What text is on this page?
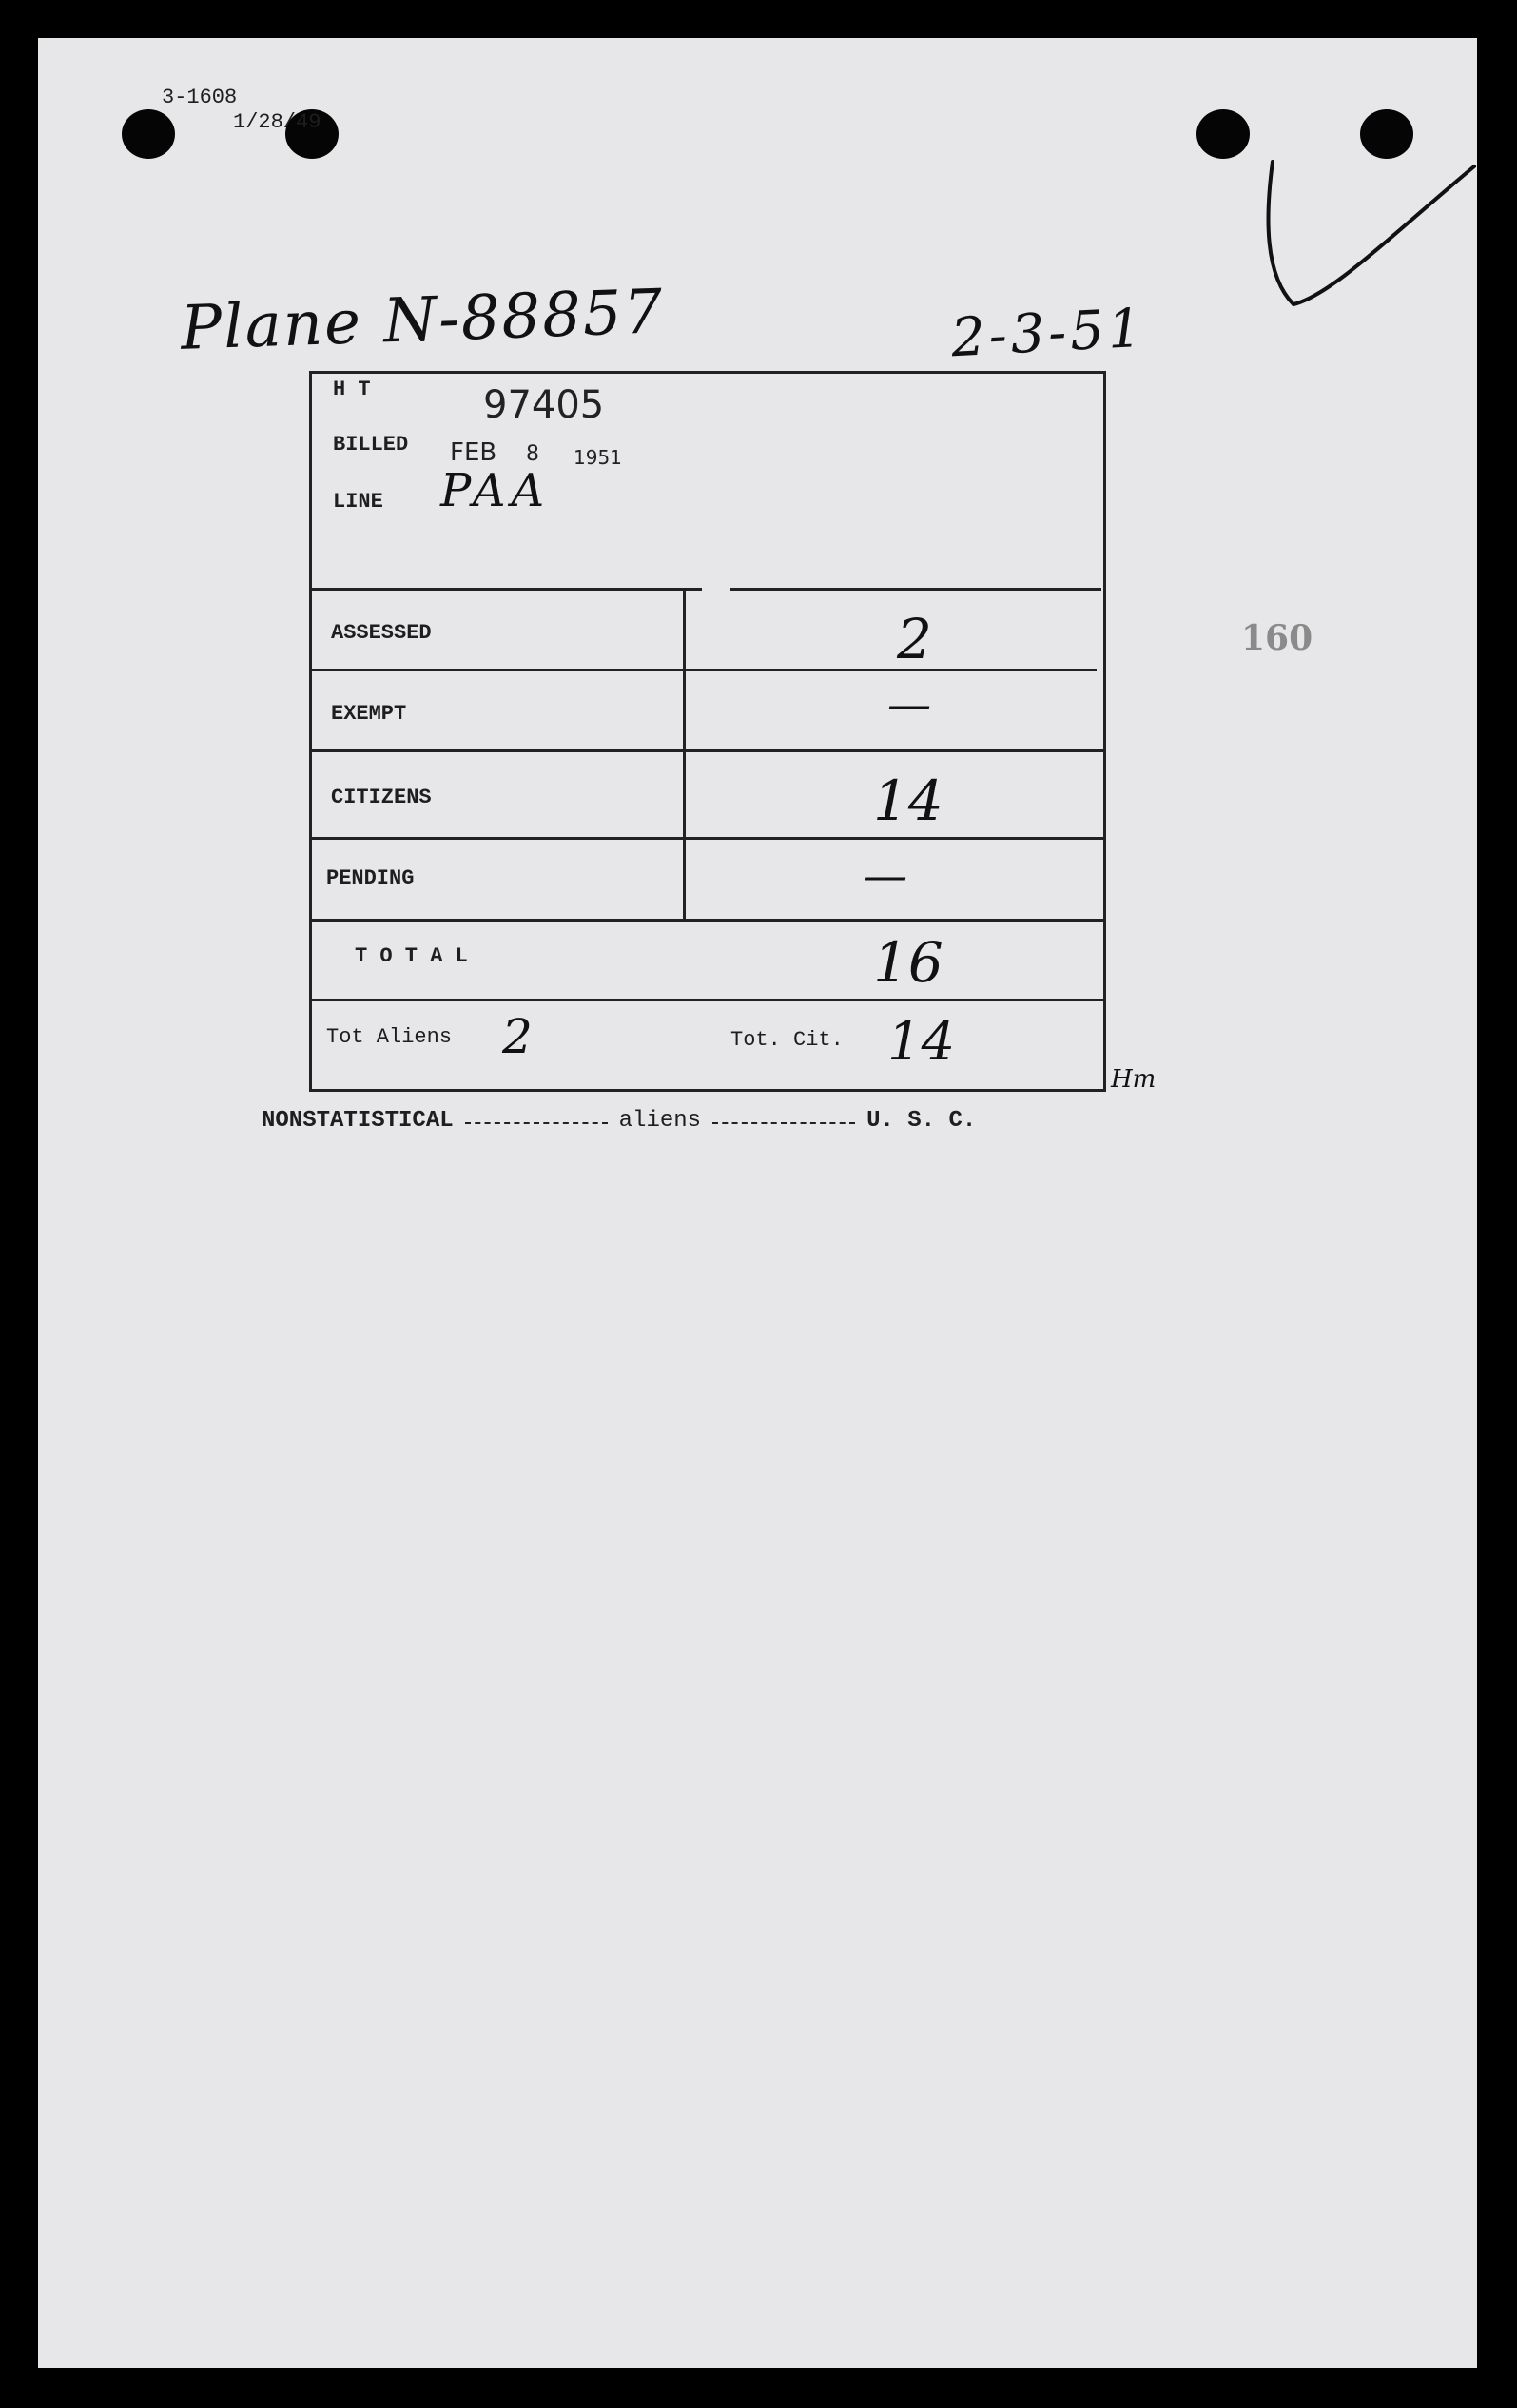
3-1608
1/28/49
Plane N-88857	2-3-51
H T	97405
BILLED FEB 8 1951
LINE PAA
ASSESSED	2
EXEMPT	—
CITIZENS	14
PENDING	—
T O T A L	16
Tot Aliens 2	Tot. Cit. 14
Hm
160
NONSTATISTICAL	aliens	U. S. C.
